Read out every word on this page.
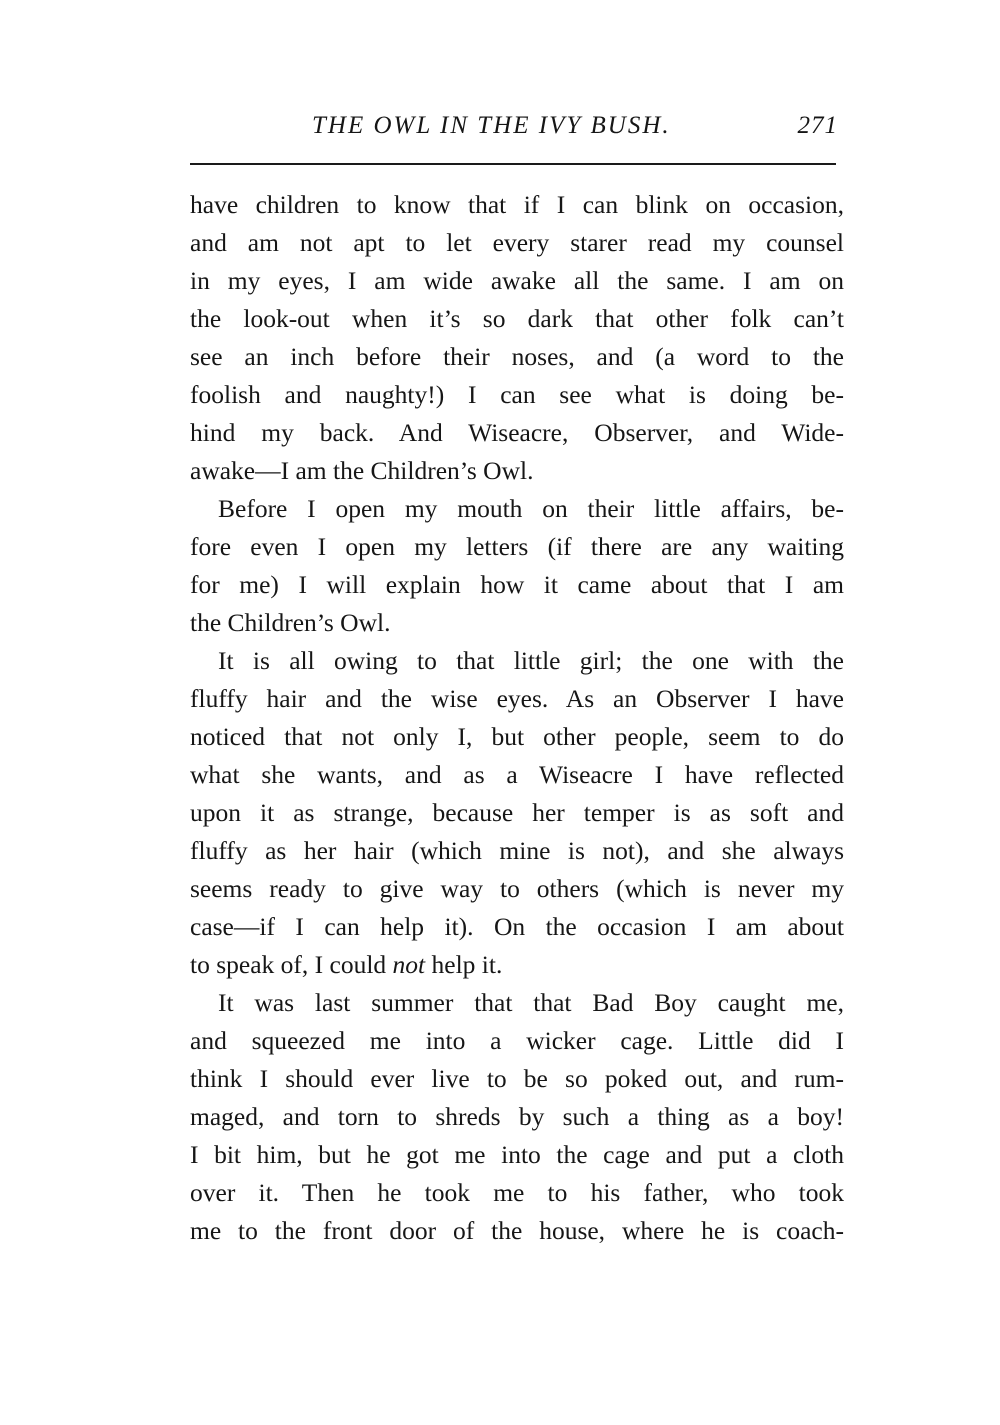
THE OWL IN THE IVY BUSH.	271
have children to know that if I can blink on occasion,
and am not apt to let every starer read my counsel
in my eyes, I am wide awake all the same. I am on
the look-out when it’s so dark that other folk can’t
see an inch before their noses, and (a word to the
foolish and naughty!) I can see what is doing be-
hind my back. And Wiseacre, Observer, and Wide-
awake—I am the Children’s Owl.
Before I open my mouth on their little affairs, be-
fore even I open my letters (if there are any waiting
for me) I will explain how it came about that I am
the Children’s Owl.
It is all owing to that little girl; the one with the
fluffy hair and the wise eyes. As an Observer I have
noticed that not only I, but other people, seem to do
what she wants, and as a Wiseacre I have reflected
upon it as strange, because her temper is as soft and
fluffy as her hair (which mine is not), and she always
seems ready to give way to others (which is never my
case—if I can help it). On the occasion I am about
to speak of, I could not help it.
It was last summer that that Bad Boy caught me,
and squeezed me into a wicker cage. Little did I
think I should ever live to be so poked out, and rum-
maged, and torn to shreds by such a thing as a boy!
I bit him, but he got me into the cage and put a cloth
over it. Then he took me to his father, who took
me to the front door of the house, where he is coach-
